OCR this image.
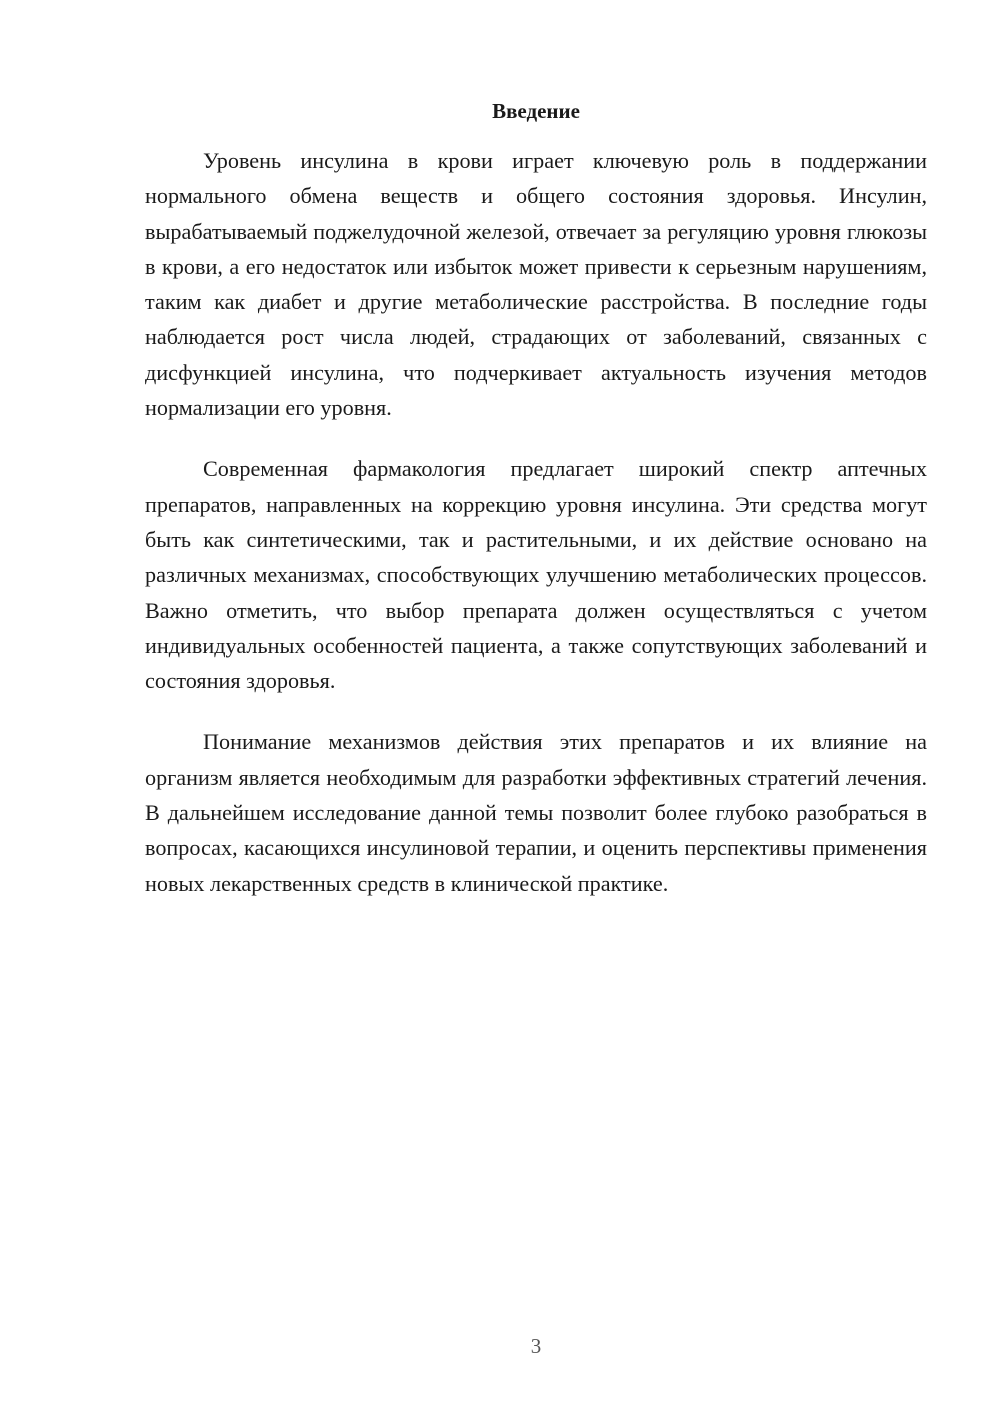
Введение

Уровень инсулина в крови играет ключевую роль в поддержании нормального обмена веществ и общего состояния здоровья. Инсулин, вырабатываемый поджелудочной железой, отвечает за регуляцию уровня глюкозы в крови, а его недостаток или избыток может привести к серьезным нарушениям, таким как диабет и другие метаболические расстройства. В последние годы наблюдается рост числа людей, страдающих от заболеваний, связанных с дисфункцией инсулина, что подчеркивает актуальность изучения методов нормализации его уровня.

Современная фармакология предлагает широкий спектр аптечных препаратов, направленных на коррекцию уровня инсулина. Эти средства могут быть как синтетическими, так и растительными, и их действие основано на различных механизмах, способствующих улучшению метаболических процессов. Важно отметить, что выбор препарата должен осуществляться с учетом индивидуальных особенностей пациента, а также сопутствующих заболеваний и состояния здоровья.

Понимание механизмов действия этих препаратов и их влияние на организм является необходимым для разработки эффективных стратегий лечения. В дальнейшем исследование данной темы позволит более глубоко разобраться в вопросах, касающихся инсулиновой терапии, и оценить перспективы применения новых лекарственных средств в клинической практике.

3
